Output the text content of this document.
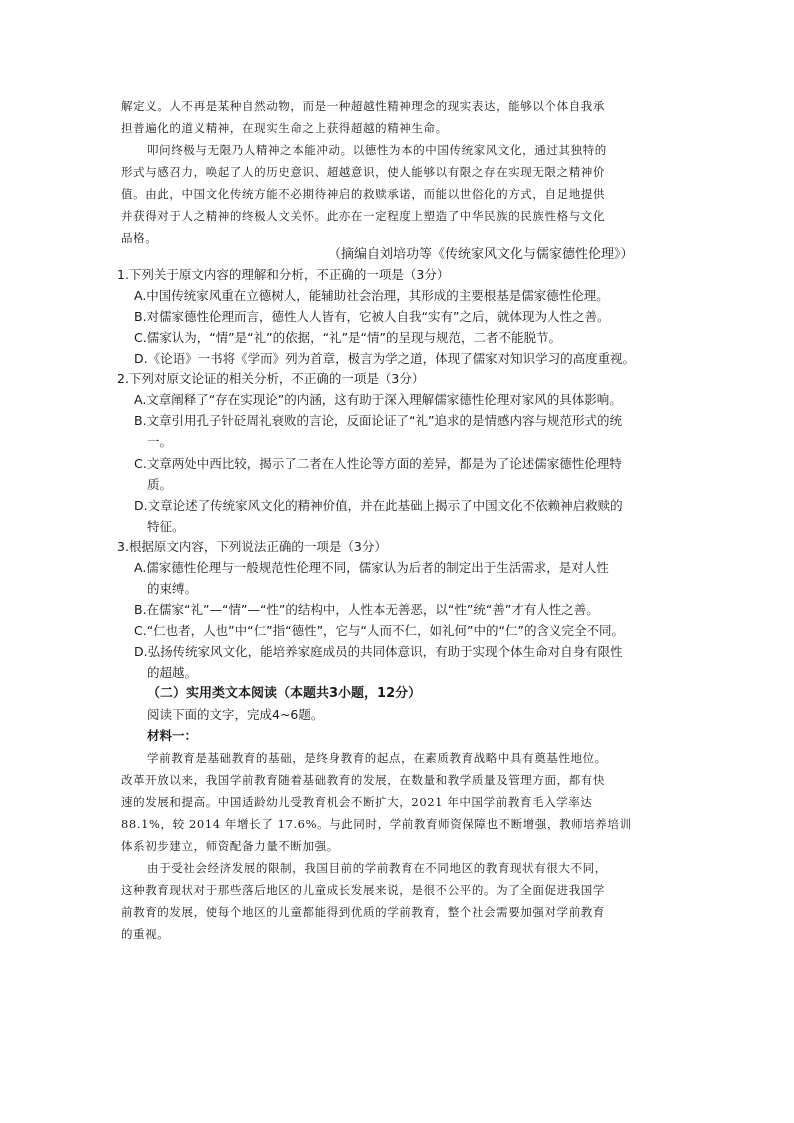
解定义。人不再是某种自然动物，而是一种超越性精神理念的现实表达，能够以个体自我承
担普遍化的道义精神，在现实生命之上获得超越的精神生命。
叩问终极与无限乃人精神之本能冲动。以德性为本的中国传统家风文化，通过其独特的
形式与感召力，唤起了人的历史意识、超越意识，使人能够以有限之存在实现无限之精神价
值。由此，中国文化传统方能不必期待神启的救赎承诺，而能以世俗化的方式，自足地提供
并获得对于人之精神的终极人文关怀。此亦在一定程度上塑造了中华民族的民族性格与文化
品格。
（摘编自刘培功等《传统家风文化与儒家德性伦理》）
1.下列关于原文内容的理解和分析，不正确的一项是（3分）
A.中国传统家风重在立德树人，能辅助社会治理，其形成的主要根基是儒家德性伦理。
B.对儒家德性伦理而言，德性人人皆有，它被人自我“实有”之后，就体现为人性之善。
C.儒家认为，“情”是“礼”的依据，“礼”是“情”的呈现与规范，二者不能脱节。
D.《论语》一书将《学而》列为首章，极言为学之道，体现了儒家对知识学习的高度重视。
2.下列对原文论证的相关分析，不正确的一项是（3分）
A.文章阐释了“存在实现论”的内涵，这有助于深入理解儒家德性伦理对家风的具体影响。
B.文章引用孔子针砭周礼衰败的言论，反面论证了“礼”追求的是情感内容与规范形式的统
一。
C.文章两处中西比较，揭示了二者在人性论等方面的差异，都是为了论述儒家德性伦理特
质。
D.文章论述了传统家风文化的精神价值，并在此基础上揭示了中国文化不依赖神启救赎的
特征。
3.根据原文内容，下列说法正确的一项是（3分）
A.儒家德性伦理与一般规范性伦理不同，儒家认为后者的制定出于生活需求，是对人性
的束缚。
B.在儒家“礼”—“情”—“性”的结构中，人性本无善恶，以“性”统“善”才有人性之善。
C.“仁也者，人也”中“仁”指“德性”，它与“人而不仁，如礼何”中的“仁”的含义完全不同。
D.弘扬传统家风文化，能培养家庭成员的共同体意识，有助于实现个体生命对自身有限性
的超越。
（二）实用类文本阅读（本题共3小题，12分）
阅读下面的文字，完成4~6题。
材料一：
学前教育是基础教育的基础，是终身教育的起点，在素质教育战略中具有奠基性地位。
改革开放以来，我国学前教育随着基础教育的发展，在数量和教学质量及管理方面，都有快
速的发展和提高。中国适龄幼儿受教育机会不断扩大，2021 年中国学前教育毛入学率达
88.1%，较 2014 年增长了 17.6%。与此同时，学前教育师资保障也不断增强，教师培养培训
体系初步建立，师资配备力量不断加强。
由于受社会经济发展的限制，我国目前的学前教育在不同地区的教育现状有很大不同，
这种教育现状对于那些落后地区的儿童成长发展来说，是很不公平的。为了全面促进我国学
前教育的发展，使每个地区的儿童都能得到优质的学前教育，整个社会需要加强对学前教育
的重视。
